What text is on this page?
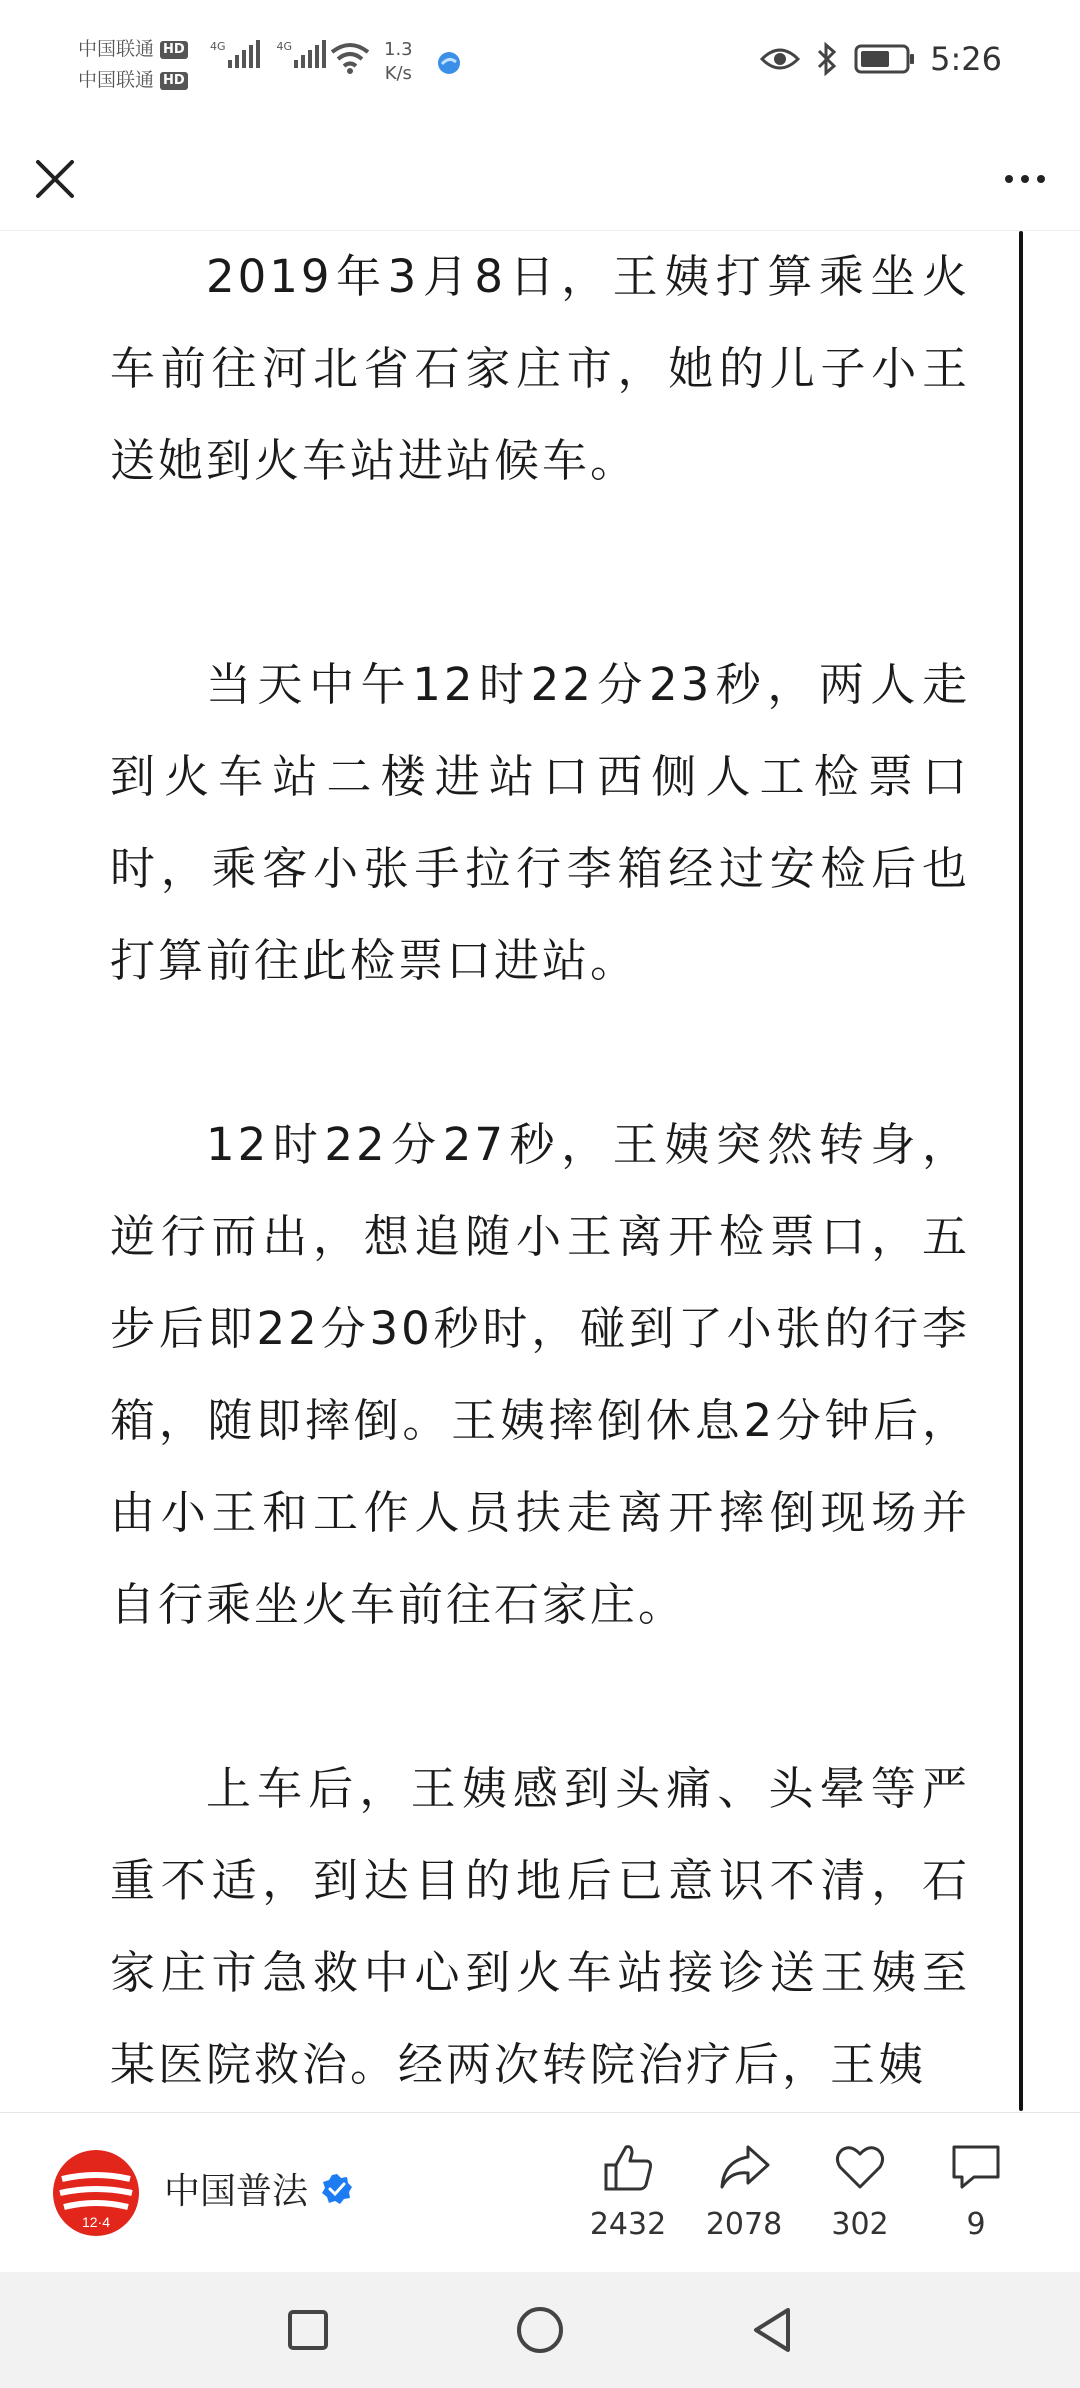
中国联通 HD
中国联通 HD
4G	4G	1.3
K/s	5:26

2019年3月8日，王姨打算乘坐火车前往河北省石家庄市，她的儿子小王送她到火车站进站候车。

当天中午12时22分23秒，两人走到火车站二楼进站口西侧人工检票口时，乘客小张手拉行李箱经过安检后也打算前往此检票口进站。

12时22分27秒，王姨突然转身，逆行而出，想追随小王离开检票口，五步后即22分30秒时，碰到了小张的行李箱，随即摔倒。王姨摔倒休息2分钟后，由小王和工作人员扶走离开摔倒现场并自行乘坐火车前往石家庄。

上车后，王姨感到头痛、头晕等严重不适，到达目的地后已意识不清，石家庄市急救中心到火车站接诊送王姨至某医院救治。经两次转院治疗后，王姨

12·4
中国普法
2432 2078 302	9
